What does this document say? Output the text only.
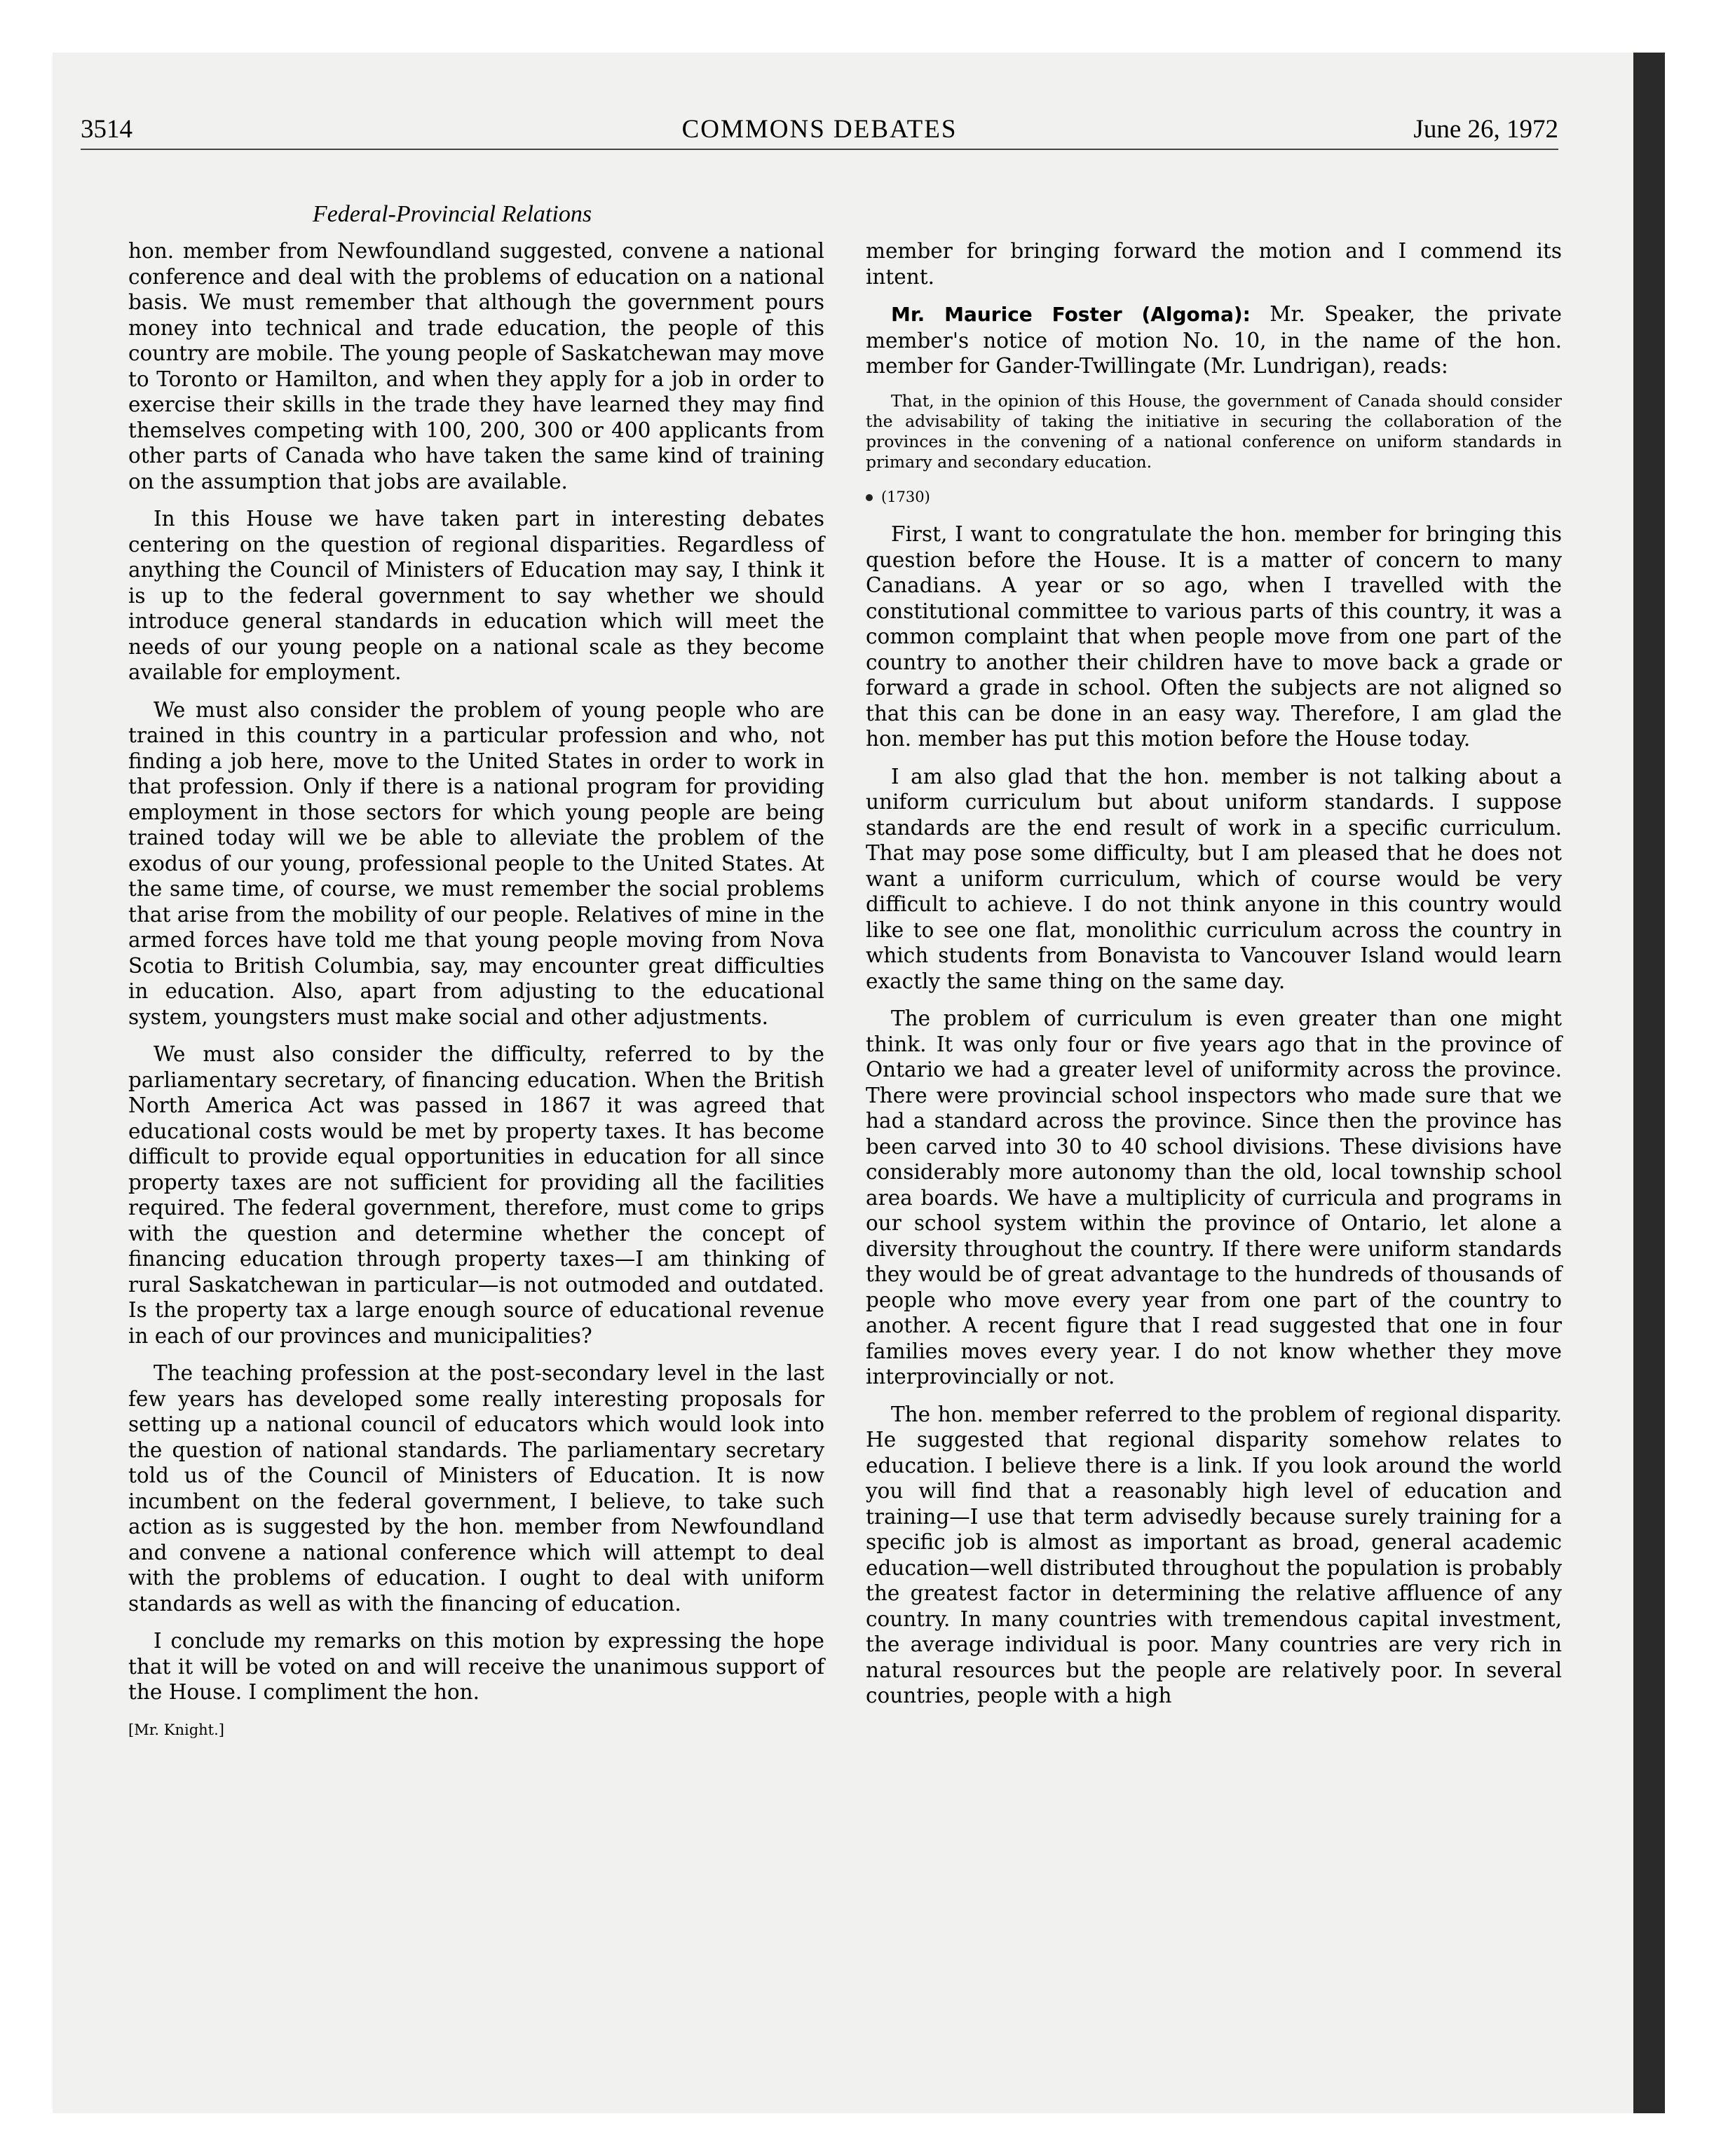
3514	COMMONS DEBATES	June 26, 1972
Federal-Provincial Relations

hon. member from Newfoundland suggested, convene a national conference and deal with the problems of education on a national basis. We must remember that although the government pours money into technical and trade education, the people of this country are mobile. The young people of Saskatchewan may move to Toronto or Hamilton, and when they apply for a job in order to exercise their skills in the trade they have learned they may find themselves competing with 100, 200, 300 or 400 applicants from other parts of Canada who have taken the same kind of training on the assumption that jobs are available.

In this House we have taken part in interesting debates centering on the question of regional disparities. Regardless of anything the Council of Ministers of Education may say, I think it is up to the federal government to say whether we should introduce general standards in education which will meet the needs of our young people on a national scale as they become available for employment.

We must also consider the problem of young people who are trained in this country in a particular profession and who, not finding a job here, move to the United States in order to work in that profession. Only if there is a national program for providing employment in those sectors for which young people are being trained today will we be able to alleviate the problem of the exodus of our young, professional people to the United States. At the same time, of course, we must remember the social problems that arise from the mobility of our people. Relatives of mine in the armed forces have told me that young people moving from Nova Scotia to British Columbia, say, may encounter great difficulties in education. Also, apart from adjusting to the educational system, youngsters must make social and other adjustments.

We must also consider the difficulty, referred to by the parliamentary secretary, of financing education. When the British North America Act was passed in 1867 it was agreed that educational costs would be met by property taxes. It has become difficult to provide equal opportunities in education for all since property taxes are not sufficient for providing all the facilities required. The federal government, therefore, must come to grips with the question and determine whether the concept of financing education through property taxes—I am thinking of rural Saskatchewan in particular—is not outmoded and outdated. Is the property tax a large enough source of educational revenue in each of our provinces and municipalities?

The teaching profession at the post-secondary level in the last few years has developed some really interesting proposals for setting up a national council of educators which would look into the question of national standards. The parliamentary secretary told us of the Council of Ministers of Education. It is now incumbent on the federal government, I believe, to take such action as is suggested by the hon. member from Newfoundland and convene a national conference which will attempt to deal with the problems of education. I ought to deal with uniform standards as well as with the financing of education.

I conclude my remarks on this motion by expressing the hope that it will be voted on and will receive the unanimous support of the House. I compliment the hon.

[Mr. Knight.]

member for bringing forward the motion and I commend its intent.

Mr. Maurice Foster (Algoma): Mr. Speaker, the private member's notice of motion No. 10, in the name of the hon. member for Gander-Twillingate (Mr. Lundrigan), reads:

That, in the opinion of this House, the government of Canada should consider the advisability of taking the initiative in securing the collaboration of the provinces in the convening of a national conference on uniform standards in primary and secondary education.

(1730)

First, I want to congratulate the hon. member for bringing this question before the House. It is a matter of concern to many Canadians. A year or so ago, when I travelled with the constitutional committee to various parts of this country, it was a common complaint that when people move from one part of the country to another their children have to move back a grade or forward a grade in school. Often the subjects are not aligned so that this can be done in an easy way. Therefore, I am glad the hon. member has put this motion before the House today.

I am also glad that the hon. member is not talking about a uniform curriculum but about uniform standards. I suppose standards are the end result of work in a specific curriculum. That may pose some difficulty, but I am pleased that he does not want a uniform curriculum, which of course would be very difficult to achieve. I do not think anyone in this country would like to see one flat, monolithic curriculum across the country in which students from Bonavista to Vancouver Island would learn exactly the same thing on the same day.

The problem of curriculum is even greater than one might think. It was only four or five years ago that in the province of Ontario we had a greater level of uniformity across the province. There were provincial school inspectors who made sure that we had a standard across the province. Since then the province has been carved into 30 to 40 school divisions. These divisions have considerably more autonomy than the old, local township school area boards. We have a multiplicity of curricula and programs in our school system within the province of Ontario, let alone a diversity throughout the country. If there were uniform standards they would be of great advantage to the hundreds of thousands of people who move every year from one part of the country to another. A recent figure that I read suggested that one in four families moves every year. I do not know whether they move interprovincially or not.

The hon. member referred to the problem of regional disparity. He suggested that regional disparity somehow relates to education. I believe there is a link. If you look around the world you will find that a reasonably high level of education and training—I use that term advisedly because surely training for a specific job is almost as important as broad, general academic education—well distributed throughout the population is probably the greatest factor in determining the relative affluence of any country. In many countries with tremendous capital investment, the average individual is poor. Many countries are very rich in natural resources but the people are relatively poor. In several countries, people with a high
